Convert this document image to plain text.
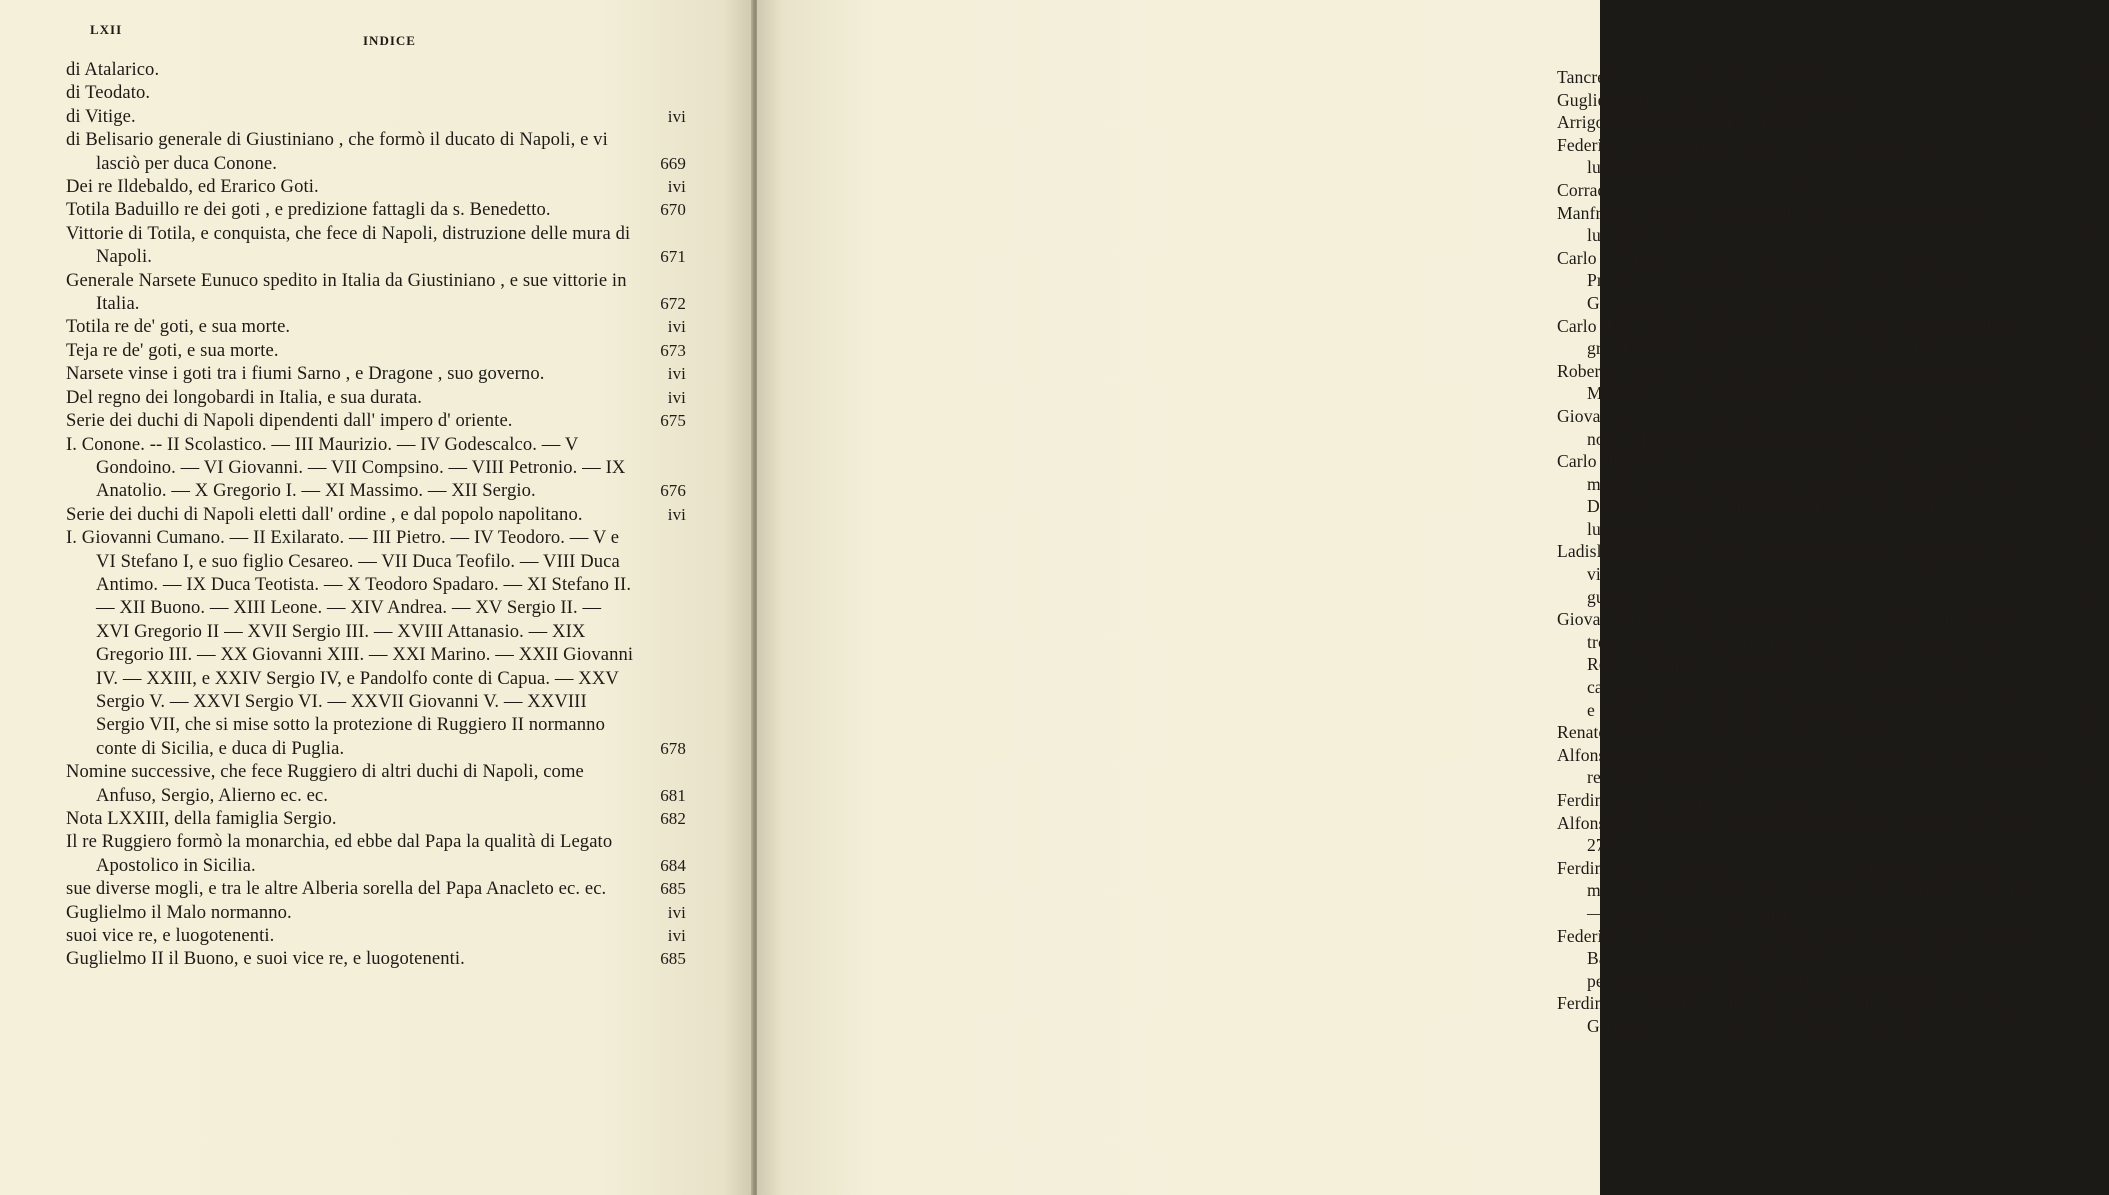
LXII
INDICE
di Atalarico.
di Teodato.
di Vitige.	ivi
di Belisario generale di Giustiniano , che formò il ducato di Napoli, e vi lasciò per duca Conone.	669
Dei re Ildebaldo, ed Erarico Goti.	ivi
Totila Baduillo re dei goti , e predizione fattagli da s. Benedetto.	670
Vittorie di Totila, e conquista, che fece di Napoli, distruzione delle mura di Napoli.	671
Generale Narsete Eunuco spedito in Italia da Giustiniano , e sue vittorie in Italia.	672
Totila re de' goti, e sua morte.	ivi
Teja re de' goti, e sua morte.	673
Narsete vinse i goti tra i fiumi Sarno , e Dragone , suo governo.	ivi
Del regno dei longobardi in Italia, e sua durata.	ivi
Serie dei duchi di Napoli dipendenti dall' impero d' oriente.	675
I. Conone. -- II Scolastico. — III Maurizio. — IV Godescalco. — V Gondoino. — VI Giovanni. — VII Compsino. — VIII Petronio. — IX Anatolio. — X Gregorio I. — XI Massimo. — XII Sergio.	676
Serie dei duchi di Napoli eletti dall' ordine , e dal popolo napolitano.	ivi
I. Giovanni Cumano. — II Exilarato. — III Pietro. — IV Teodoro. — V e VI Stefano I, e suo figlio Cesareo. — VII Duca Teofilo. — VIII Duca Antimo. — IX Duca Teotista. — X Teodoro Spadaro. — XI Stefano II. — XII Buono. — XIII Leone. — XIV Andrea. — XV Sergio II. — XVI Gregorio II — XVII Sergio III. — XVIII Attanasio. — XIX Gregorio III. — XX Giovanni XIII. — XXI Marino. — XXII Giovanni IV. — XXIII, e XXIV Sergio IV, e Pandolfo conte di Capua. — XXV Sergio V. — XXVI Sergio VI. — XXVII Giovanni V. — XXVIII Sergio VII, che si mise sotto la protezione di Ruggiero II normanno conte di Sicilia, e duca di Puglia.	678
Nomine successive, che fece Ruggiero di altri duchi di Napoli, come Anfuso, Sergio, Alierno ec. ec.	681
Nota LXXIII, della famiglia Sergio.	682
Il re Ruggiero formò la monarchia, ed ebbe dal Papa la qualità di Legato Apostolico in Sicilia.	684
sue diverse mogli, e tra le altre Alberia sorella del Papa Anacleto ec. ec.	685
Guglielmo il Malo normanno.	ivi
suoi vice re, e luogotenenti.	ivi
Guglielmo II il Buono, e suoi vice re, e luogotenenti.	685
INDICE
LXIII
Tancredi, e suoi vice re e luogotenenti.
Guglielmo III, e suoi vice re e luogotenenti.	ivi
Arrigo VI figlio di Federico Barbarossa.	687
Federico II, e sue diverse mogli , sua morte, suoi vice re, e luogotenenti.	ivi
Corrado, suoi vice re e luogotenenti.	ivi
Manfredi fratello di Corrado balio di Corradino, e suoi vice re e luogotenenti.	689
Carlo I d' Angiò , e come fu re di Napoli — sue mogli Beatrice di Provenza, e Margherita di Borgogna — divenne Re di Gerusalemme — suoi luogotenenti.	ivi
Carlo II d' Angiò, e sua moglie Maria erede del trono d' Ungheria, gran numero di figli — suoi vice re, e luogotenenti.	690
Roberto d' Angiò ebbe per moglie Jolanda d' Aragona, e Sancia di Majorica — suo luogotenente.	692
Giovanna I, e dei quattro suoi successivi mariti, e come morì, ( leggi nota XIII ) suoi vice re, e luogotenenti. 136, 197,	693
Carlo III di Durazzo detto della Pace, e della regina Margherita sua moglie, la quale diè motivo ai Veneziani di occupare lo stato di Durazzo — infelice morte di Carlo — suoi vice re, e luogotenenti. 139, 153,	694
Ladislao di Durazzo, e della famiglia Durazzo da lui derivata, suoi vice re, luogotenenti, e giunta di Vicarii, allorchè faceva la guerra in Italia.	696
Giovanna II successe al fratello Ladislao , adottò per successori al trono il duca di Bedfort, Alfonso I d'Aragona, Luigi d' Angiò , Renato d' Angiò — suoi Vice re, luogotenenti , e reggenza di cavalieri rimasti dopo la sua morte, per governare pel re Renato, e come s' intestava negli atti pubblici.	697
Renato d' Angiò — suoi vice re e luogotenenti.	698
Alfonso I d'Aragona, e di Ferdinando suo figlio naturale — suoi vice re, e luogotenenti. 56,	699
Ferdinando, o Ferrante I d'Aragona — suoi vice re, e luogotenenti.	700
Alfonso II , e della duchessa Ippolita Sforza sua moglie. 273, 274, 276,	700
Ferdinando II d' Aragona , e Carlo VIII di Francia: ( vedi nota XVII , morte d' Antonello Petrucci , e congiura dei baroni , a pag. 162 ) — suoi vice re, e luogotenenti.	701
Federico II d' Aragona — sue mogli, Anna di Savoja, ed Isabella del Balzo assalito da Luigi XII di Francia, dopo inutile resistenza perdette il regno — suoi vice re , e luogotenenti.	702
Ferdinando il Cattolico II , sue mogli Isabella Regina di Castiglia, e Germana Fox, e Luigi XII di Francia, suoi vice
